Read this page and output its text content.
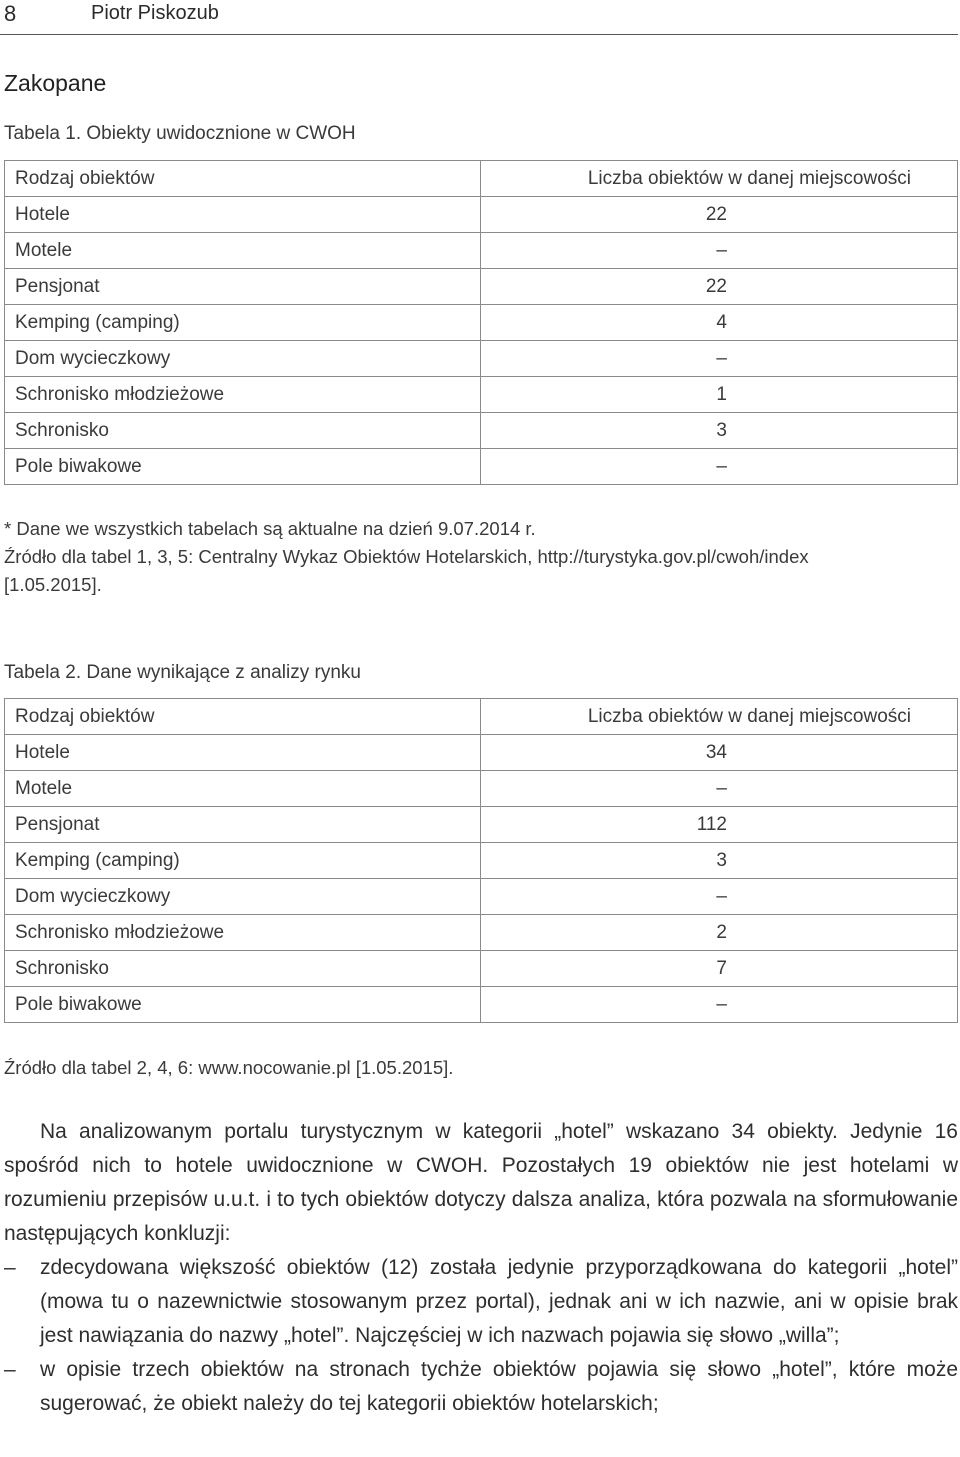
8	Piotr Piskozub
Zakopane
Tabela 1. Obiekty uwidocznione w CWOH
Rodzaj obiektów	Liczba obiektów w danej miejscowości
Hotele	22
Motele	–
Pensjonat	22
Kemping (camping)	4
Dom wycieczkowy	–
Schronisko młodzieżowe	1
Schronisko	3
Pole biwakowe	–
* Dane we wszystkich tabelach są aktualne na dzień 9.07.2014 r.
Źródło dla tabel 1, 3, 5: Centralny Wykaz Obiektów Hotelarskich, http://turystyka.gov.pl/cwoh/index
[1.05.2015].
Tabela 2. Dane wynikające z analizy rynku
Rodzaj obiektów	Liczba obiektów w danej miejscowości
Hotele	34
Motele	–
Pensjonat	112
Kemping (camping)	3
Dom wycieczkowy	–
Schronisko młodzieżowe	2
Schronisko	7
Pole biwakowe	–
Źródło dla tabel 2, 4, 6: www.nocowanie.pl [1.05.2015].

Na analizowanym portalu turystycznym w kategorii „hotel” wskazano 34 obiekty. Jedynie 16 spośród nich to hotele uwidocznione w CWOH. Pozostałych 19 obiektów nie jest hotelami w rozumieniu przepisów u.u.t. i to tych obiektów dotyczy dalsza analiza, która pozwala na sformułowanie następujących konkluzji:

– zdecydowana większość obiektów (12) została jedynie przyporządkowana do kategorii „hotel” (mowa tu o nazewnictwie stosowanym przez portal), jednak ani w ich nazwie, ani w opisie brak jest nawiązania do nazwy „hotel”. Najczęściej w ich nazwach pojawia się słowo „willa”;
– w opisie trzech obiektów na stronach tychże obiektów pojawia się słowo „hotel”, które może sugerować, że obiekt należy do tej kategorii obiektów hotelarskich;
